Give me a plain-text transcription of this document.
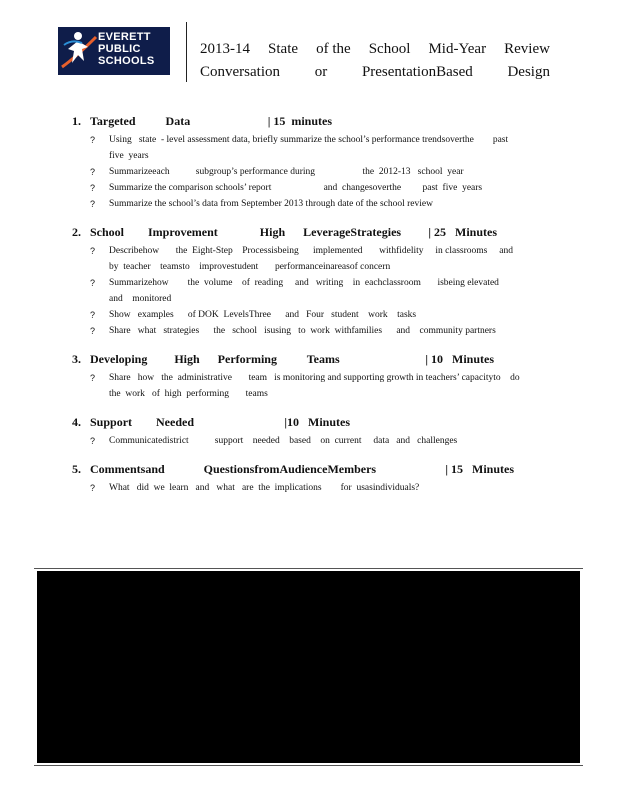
EVERETT
PUBLIC
SCHOOLS
2013-14 State of the School Mid-Year Review
Conversation or PresentationBased Design
1. Targeted          Data	| 15  minutes
? Using   state  - level assessment data, briefly summarize the school’s performance trendsoverthe        past   five  years
? Summarizeeach           subgroup’s performance during                    the  2012-13   school  year
? Summarize the comparison schools’ report                      and  changesoverthe         past  five  years
? Summarize the school’s data from September 2013 through date of the school review
2. School        Improvement              High      LeverageStrategies | 25   Minutes
? Describehow       the  Eight-Step    Processisbeing      implemented       withfidelity     in classrooms     and  by  teacher    teamsto    improvestudent       performanceinareasof concern
? Summarizehow        the  volume    of  reading     and   writing    in  eachclassroom       isbeing elevated     and    monitored
? Show   examples      of DOK  LevelsThree      and   Four   student    work    tasks
? Share   what   strategies      the   school   isusing   to  work  withfamilies      and    community partners
3. Developing         High      Performing          Teams	| 10   Minutes
? Share   how   the  administrative       team   is monitoring and supporting growth in teachers’ capacityto    do  the  work   of  high  performing       teams
4. Support        Needed	|10   Minutes
? Communicatedistrict           support    needed    based    on  current     data   and   challenges
5. Commentsand             QuestionsfromAudienceMembers	| 15   Minutes
? What   did  we  learn   and   what   are  the  implications        for  usasindividuals?
